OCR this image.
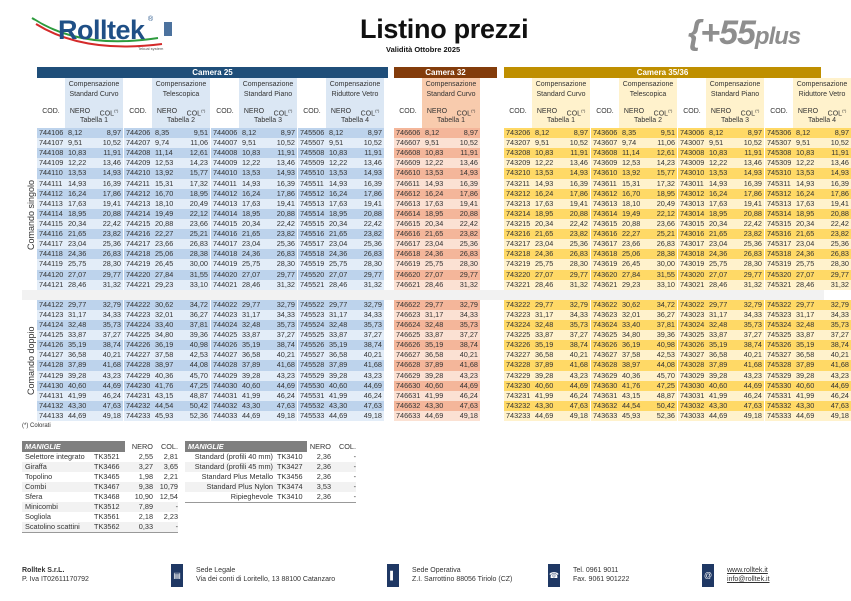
Rolltek ®
Tekual system
Listino prezzi
Validità Ottobre 2025	{+55plus
Camera 25	Camera 32	Camera 35/36
Comando singolo
Comando doppio
Compensazione
Standard Curvo
COD.	NERO	COL(*)
Tabella 1
744106 8,12	8,97
744107 9,51	10,52
744108 10,83	11,91
744109 12,22	13,46
744110 13,53	14,93
744111 14,93	16,39
744112 16,24	17,86
744113 17,63	19,41
744114 18,95	20,88
744115 20,34	22,42
744116 21,65	23,82
744117 23,04	25,36
744118 24,36	26,83
744119 25,75	28,30
744120 27,07	29,77
744121 28,46	31,32
744122 29,77	32,79
744123 31,17	34,33
744124 32,48	35,73
744125 33,87	37,27
744126 35,19	38,74
744127 36,58	40,21
744128 37,89	41,68
744129 39,28	43,23
744130 40,60	44,69
744131 41,99	46,24
744132 43,30	47,63
744133 44,69	49,18
Compensazione
Telescopica
COD.	NERO	COL(*)
Tabella 2
744206 8,35	9,51
744207 9,74	11,06
744208 11,14	12,61
744209 12,53	14,23
744210 13,92	15,77
744211 15,31	17,32
744212 16,70	18,95
744213 18,10	20,49
744214 19,49	22,12
744215 20,88	23,66
744216 22,27	25,21
744217 23,66	26,83
744218 25,06	28,38
744219 26,45	30,00
744220 27,84	31,55
744221 29,23	33,10
744222 30,62	34,72
744223 32,01	36,27
744224 33,40	37,81
744225 34,80	39,36
744226 36,19	40,98
744227 37,58	42,53
744228 38,97	44,08
744229 40,36	45,70
744230 41,76	47,25
744231 43,15	48,87
744232 44,54	50,42
744233 45,93	52,36
Compensazione
Standard Piano
COD.	NERO	COL(*)
Tabella 3
744006 8,12	8,97
744007 9,51	10,52
744008 10,83	11,91
744009 12,22	13,46
744010 13,53	14,93
744011 14,93	16,39
744012 16,24	17,86
744013 17,63	19,41
744014 18,95	20,88
744015 20,34	22,42
744016 21,65	23,82
744017 23,04	25,36
744018 24,36	26,83
744019 25,75	28,30
744020 27,07	29,77
744021 28,46	31,32
744022 29,77	32,79
744023 31,17	34,33
744024 32,48	35,73
744025 33,87	37,27
744026 35,19	38,74
744027 36,58	40,21
744028 37,89	41,68
744029 39,28	43,23
744030 40,60	44,69
744031 41,99	46,24
744032 43,30	47,63
744033 44,69	49,18
Compensazione
Riduttore Vetro
COD.	NERO	COL(*)
Tabella 4
745506 8,12	8,97
745507 9,51	10,52
745508 10,83	11,91
745509 12,22	13,46
745510 13,53	14,93
745511 14,93	16,39
745512 16,24	17,86
745513 17,63	19,41
745514 18,95	20,88
745515 20,34	22,42
745516 21,65	23,82
745517 23,04	25,36
745518 24,36	26,83
745519 25,75	28,30
745520 27,07	29,77
745521 28,46	31,32
745522 29,77	32,79
745523 31,17	34,33
745524 32,48	35,73
745525 33,87	37,27
745526 35,19	38,74
745527 36,58	40,21
745528 37,89	41,68
745529 39,28	43,23
745530 40,60	44,69
745531 41,99	46,24
745532 43,30	47,63
745533 44,69	49,18
Compensazione
Standard Curvo
COD.	NERO	COL(*)
Tabella 1
746606 8,12	8,97
746607 9,51	10,52
746608 10,83	11,91
746609 12,22	13,46
746610 13,53	14,93
746611 14,93	16,39
746612 16,24	17,86
746613 17,63	19,41
746614 18,95	20,88
746615 20,34	22,42
746616 21,65	23,82
746617 23,04	25,36
746618 24,36	26,83
746619 25,75	28,30
746620 27,07	29,77
746621 28,46	31,32
746622 29,77	32,79
746623 31,17	34,33
746624 32,48	35,73
746625 33,87	37,27
746626 35,19	38,74
746627 36,58	40,21
746628 37,89	41,68
746629 39,28	43,23
746630 40,60	44,69
746631 41,99	46,24
746632 43,30	47,63
746633 44,69	49,18
Compensazione
Standard Curvo
COD.	NERO	COL(*)
Tabella 1
743206 8,12	8,97
743207 9,51	10,52
743208 10,83	11,91
743209 12,22	13,46
743210 13,53	14,93
743211 14,93	16,39
743212 16,24	17,86
743213 17,63	19,41
743214 18,95	20,88
743215 20,34	22,42
743216 21,65	23,82
743217 23,04	25,36
743218 24,36	26,83
743219 25,75	28,30
743220 27,07	29,77
743221 28,46	31,32
743222 29,77	32,79
743223 31,17	34,33
743224 32,48	35,73
743225 33,87	37,27
743226 35,19	38,74
743227 36,58	40,21
743228 37,89	41,68
743229 39,28	43,23
743230 40,60	44,69
743231 41,99	46,24
743232 43,30	47,63
743233 44,69	49,18
Compensazione
Telescopica
COD.	NERO	COL(*)
Tabella 2
743606 8,35	9,51
743607 9,74	11,06
743608 11,14	12,61
743609 12,53	14,23
743610 13,92	15,77
743611 15,31	17,32
743612 16,70	18,95
743613 18,10	20,49
743614 19,49	22,12
743615 20,88	23,66
743616 22,27	25,21
743617 23,66	26,83
743618 25,06	28,38
743619 26,45	30,00
743620 27,84	31,55
743621 29,23	33,10
743622 30,62	34,72
743623 32,01	36,27
743624 33,40	37,81
743625 34,80	39,36
743626 36,19	40,98
743627 37,58	42,53
743628 38,97	44,08
743629 40,36	45,70
743630 41,76	47,25
743631 43,15	48,87
743632 44,54	50,42
743633 45,93	52,36
Compensazione
Standard Piano
COD.	NERO	COL(*)
Tabella 3
743006 8,12	8,97
743007 9,51	10,52
743008 10,83	11,91
743009 12,22	13,46
743010 13,53	14,93
743011 14,93	16,39
743012 16,24	17,86
743013 17,63	19,41
743014 18,95	20,88
743015 20,34	22,42
743016 21,65	23,82
743017 23,04	25,36
743018 24,36	26,83
743019 25,75	28,30
743020 27,07	29,77
743021 28,46	31,32
743022 29,77	32,79
743023 31,17	34,33
743024 32,48	35,73
743025 33,87	37,27
743026 35,19	38,74
743027 36,58	40,21
743028 37,89	41,68
743029 39,28	43,23
743030 40,60	44,69
743031 41,99	46,24
743032 43,30	47,63
743033 44,69	49,18
Compensazione
Riduttore Vetro
COD.	NERO	COL(*)
Tabella 4
745306 8,12	8,97
745307 9,51	10,52
745308 10,83	11,91
745309 12,22	13,46
745310 13,53	14,93
745311 14,93	16,39
745312 16,24	17,86
745313 17,63	19,41
745314 18,95	20,88
745315 20,34	22,42
745316 21,65	23,82
745317 23,04	25,36
745318 24,36	26,83
745319 25,75	28,30
745320 27,07	29,77
745321 28,46	31,32
745322 29,77	32,79
745323 31,17	34,33
745324 32,48	35,73
745325 33,87	37,27
745326 35,19	38,74
745327 36,58	40,21
745328 37,89	41,68
745329 39,28	43,23
745330 40,60	44,69
745331 41,99	46,24
745332 43,30	47,63
745333 44,69	49,18
(*) Colorati
MANIGLIE	NERO	COL.
Selettore integrato	TK3521	2,55	2,81
Giraffa	TK3466	3,27	3,65
Topolino	TK3465	1,98	2,21
Combi	TK3467	9,38 10,79
Sfera	TK3468	10,90 12,54
Minicombi	TK3512	7,89	-
Sogliola	TK3561	2,18	2,23
Scatolino scattini	TK3562	0,33	-
MANIGLIE	NERO	COL.
Standard (profili 40 mm) TK3410	2,36	-
Standard (profili 45 mm) TK3427	2,36	-
Standard Plus Metallo TK3456	2,36	-
Standard Plus Nylon TK3474	3,53	-
Ripieghevole TK3410	2,36	-
Rolltek S.r.L.
P. Iva IT02611170792	▤
Sede Legale
Via dei conti di Loritello, 13 88100 Catanzaro	▌
Sede Operativa
Z.I. Sarrottino 88056 Tiriolo (CZ)	☎
Tel. 0961 9011
Fax. 9061 901222	@
www.rolltek.it
info@rolltek.it
